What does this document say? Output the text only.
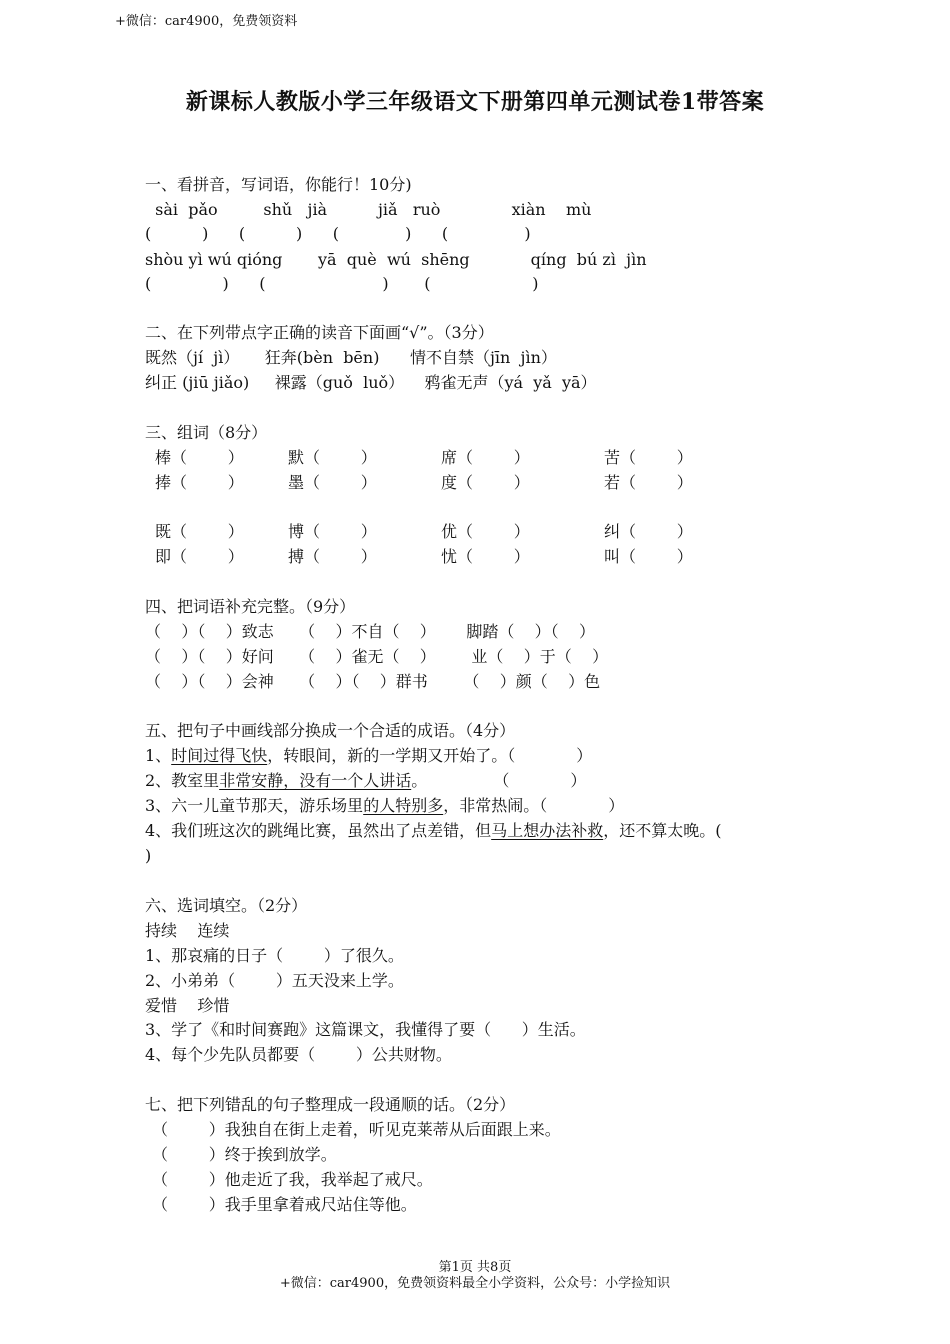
+微信：car4900，免费领资料
新课标人教版小学三年级语文下册第四单元测试卷1带答案
一、看拼音，写词语，你能行！10分)
sài  pǎo         shǔ   jià          jiǎ   ruò              xiàn    mù
(          )      (          )      (             )      (               )
shòu yì wú qióng       yā  què  wú  shēng            qíng  bú zì  jìn
(              )      (                       )       (                    )
二、在下列带点字正确的读音下面画“√”。（3分）
既然（jí  jì）     狂奔(bèn  bēn)      情不自禁（jīn  jìn）
纠正 (jiū jiǎo)     裸露（guǒ  luǒ）    鸦雀无声（yá  yǎ  yā）
三、组词（8分）
棒（        ）	默（        ）	席（        ）	苦（        ）
捧（        ）	墨（        ）	度（        ）	若（        ）
既（        ）	博（        ）	优（        ）	纠（        ）
即（        ）	搏（        ）	忧（        ）	叫（        ）
四、把词语补充完整。（9分）
（    ）（    ）致志     （    ）不自（    ）      脚踏（    ）（    ）
（    ）（    ）好问     （    ）雀无（    ）       业（    ）于（    ）
（    ）（    ）会神     （    ）（    ）群书       （    ）颜（    ）色
五、把句子中画线部分换成一个合适的成语。（4分）
1、时间过得飞快，转眼间，新的一学期又开始了。（            ）
2、教室里非常安静，没有一个人讲话。             （            ）
3、六一儿童节那天，游乐场里的人特别多，非常热闹。（            ）
4、我们班这次的跳绳比赛，虽然出了点差错，但马上想办法补救，还不算太晚。(
)
六、选词填空。（2分）
持续    连续
1、那哀痛的日子（        ）了很久。
2、小弟弟（        ）五天没来上学。
爱惜    珍惜
3、学了《和时间赛跑》这篇课文，我懂得了要（      ）生活。
4、每个少先队员都要（        ）公共财物。
七、把下列错乱的句子整理成一段通顺的话。（2分）
（        ）我独自在街上走着，听见克莱蒂从后面跟上来。
（        ）终于挨到放学。
（        ）他走近了我，我举起了戒尺。
（        ）我手里拿着戒尺站住等他。
第1页 共8页
+微信：car4900，免费领资料最全小学资料，公众号：小学捡知识
